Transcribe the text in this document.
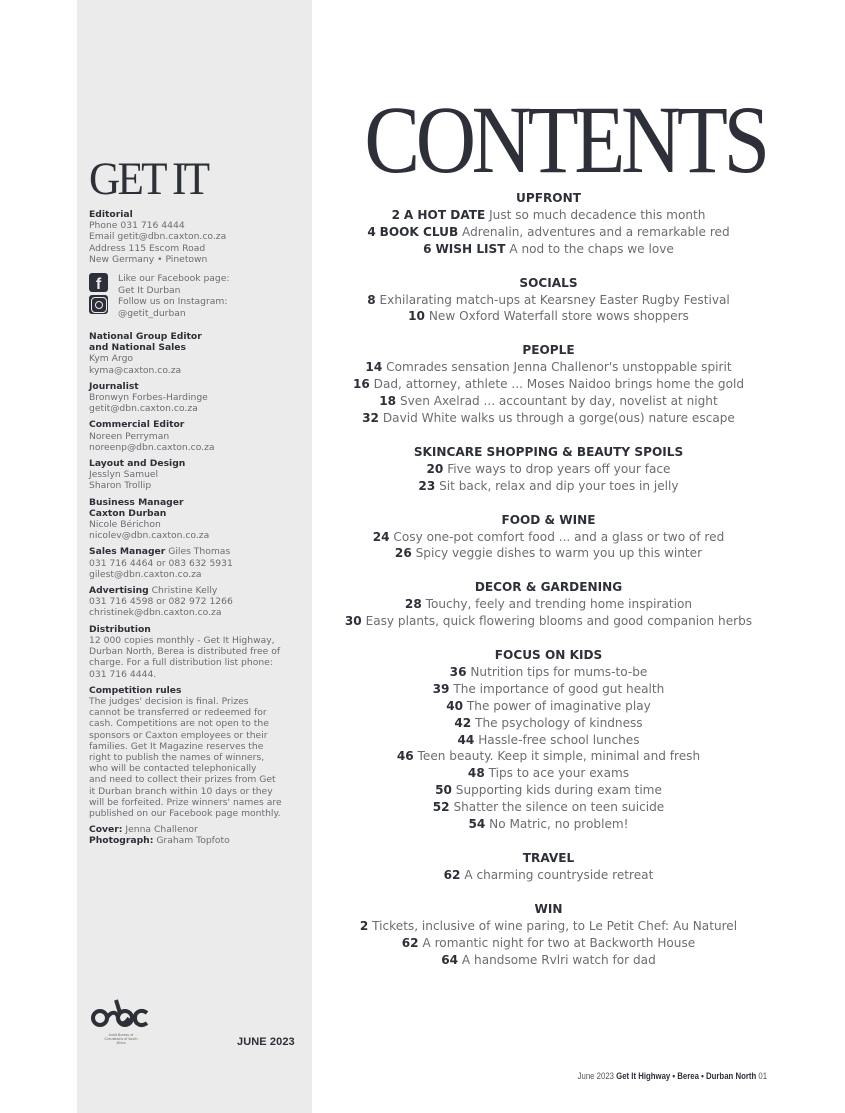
GET IT
Editorial
Phone 031 716 4444
Email getit@dbn.caxton.co.za
Address 115 Escom Road
New Germany • Pinetown
f Like our Facebook page:
Get It Durban
Follow us on Instagram:
@getit_durban
National Group Editor
and National Sales
Kym Argo
kyma@caxton.co.za
Journalist
Bronwyn Forbes-Hardinge
getit@dbn.caxton.co.za
Commercial Editor
Noreen Perryman
noreenp@dbn.caxton.co.za
Layout and Design
Jesslyn Samuel
Sharon Trollip
Business Manager
Caxton Durban
Nicole Bérichon
nicolev@dbn.caxton.co.za
Sales Manager Giles Thomas
031 716 4464 or 083 632 5931
gilest@dbn.caxton.co.za
Advertising Christine Kelly
031 716 4598 or 082 972 1266
christinek@dbn.caxton.co.za
Distribution
12 000 copies monthly - Get It Highway,
Durban North, Berea is distributed free of
charge. For a full distribution list phone:
031 716 4444.
Competition rules
The judges' decision is final. Prizes
cannot be transferred or redeemed for
cash. Competitions are not open to the
sponsors or Caxton employees or their
families. Get It Magazine reserves the
right to publish the names of winners,
who will be contacted telephonically
and need to collect their prizes from Get
it Durban branch within 10 days or they
will be forfeited. Prize winners' names are
published on our Facebook page monthly.
Cover: Jenna Challenor
Photograph: Graham Topfoto
Audit Bureau of Circulations of South Africa	JUNE 2023
CONTENTS
UPFRONT
2 A HOT DATE Just so much decadence this month
4 BOOK CLUB Adrenalin, adventures and a remarkable red
6 WISH LIST A nod to the chaps we love
SOCIALS
8 Exhilarating match-ups at Kearsney Easter Rugby Festival
10 New Oxford Waterfall store wows shoppers
PEOPLE
14 Comrades sensation Jenna Challenor's unstoppable spirit
16 Dad, attorney, athlete ... Moses Naidoo brings home the gold
18 Sven Axelrad ... accountant by day, novelist at night
32 David White walks us through a gorge(ous) nature escape
SKINCARE SHOPPING & BEAUTY SPOILS
20 Five ways to drop years off your face
23 Sit back, relax and dip your toes in jelly
FOOD & WINE
24 Cosy one-pot comfort food ... and a glass or two of red
26 Spicy veggie dishes to warm you up this winter
DECOR & GARDENING
28 Touchy, feely and trending home inspiration
30 Easy plants, quick flowering blooms and good companion herbs
FOCUS ON KIDS
36 Nutrition tips for mums-to-be
39 The importance of good gut health
40 The power of imaginative play
42 The psychology of kindness
44 Hassle-free school lunches
46 Teen beauty. Keep it simple, minimal and fresh
48 Tips to ace your exams
50 Supporting kids during exam time
52 Shatter the silence on teen suicide
54 No Matric, no problem!
TRAVEL
62 A charming countryside retreat
WIN
2 Tickets, inclusive of wine paring, to Le Petit Chef: Au Naturel
62 A romantic night for two at Backworth House
64 A handsome Rvlri watch for dad
June 2023 Get It Highway • Berea • Durban North 01
